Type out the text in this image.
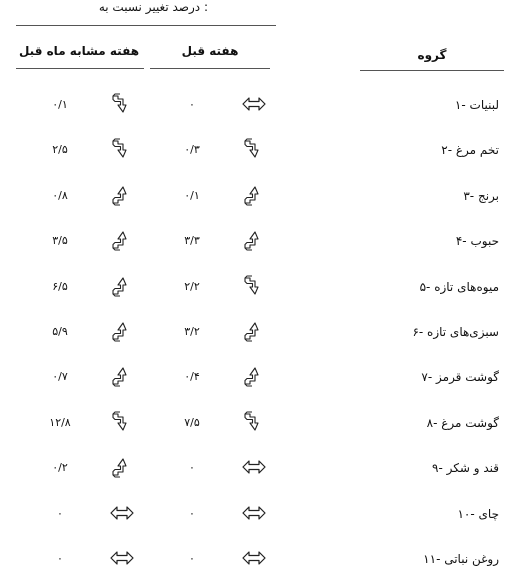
درصد تغییر نسبت به :
هفته مشابه ماه قبل	هفته قبل	گروه
۰/۱	۰	۱- لبنیات
۲/۵	۰/۳	۲- تخم مرغ
۰/۸	۰/۱	۳- برنج
۳/۵	۳/۳	۴- حبوب
۶/۵	۲/۲	۵- میوه‌های تازه
۵/۹	۳/۲	۶- سبزی‌های تازه
۰/۷	۰/۴	۷- گوشت قرمز
۱۲/۸	۷/۵	۸- گوشت مرغ
۰/۲	۰	۹- قند و شکر
۰	۰	۱۰- چای
۰	۰	۱۱- روغن نباتی
